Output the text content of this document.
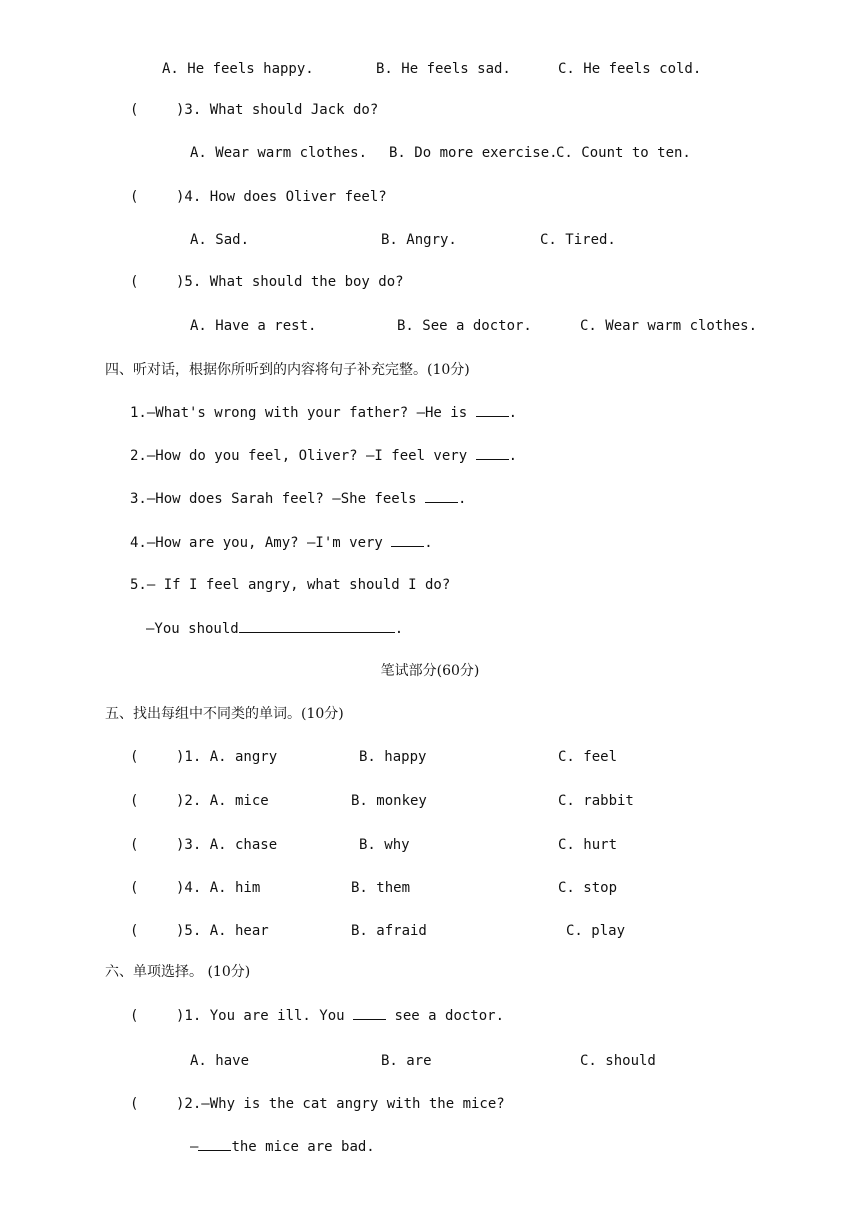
A. He feels happy.	B. He feels sad.	C. He feels cold.
(	)3. What should Jack do?
A. Wear warm clothes. B. Do more exercise.
C. Count to ten.
(	)4. How does Oliver feel?
A. Sad.	B. Angry.	C. Tired.
(	)5. What should the boy do?
A. Have a rest.	B. See a doctor.	C. Wear warm clothes.
四、听对话，根据你所听到的内容将句子补充完整。(10分)
1.—What's wrong with your father? —He is .
2.—How do you feel, Oliver? —I feel very .
3.—How does Sarah feel? —She feels .
4.—How are you, Amy? —I'm very .
5.— If I feel angry, what should I do?
—You should	.
笔试部分(60分)
五、找出每组中不同类的单词。(10分)
(	)1. A. angry	B. happy	C. feel
(	)2. A. mice	B. monkey	C. rabbit
(	)3. A. chase	B. why	C. hurt
(	)4. A. him	B. them	C. stop
(	)5. A. hear	B. afraid	C. play
六、单项选择。 (10分)
(	)1. You are ill. You  see a doctor.
A. have	B. are	C. should
(	)2.—Why is the cat angry with the mice?
— the mice are bad.
